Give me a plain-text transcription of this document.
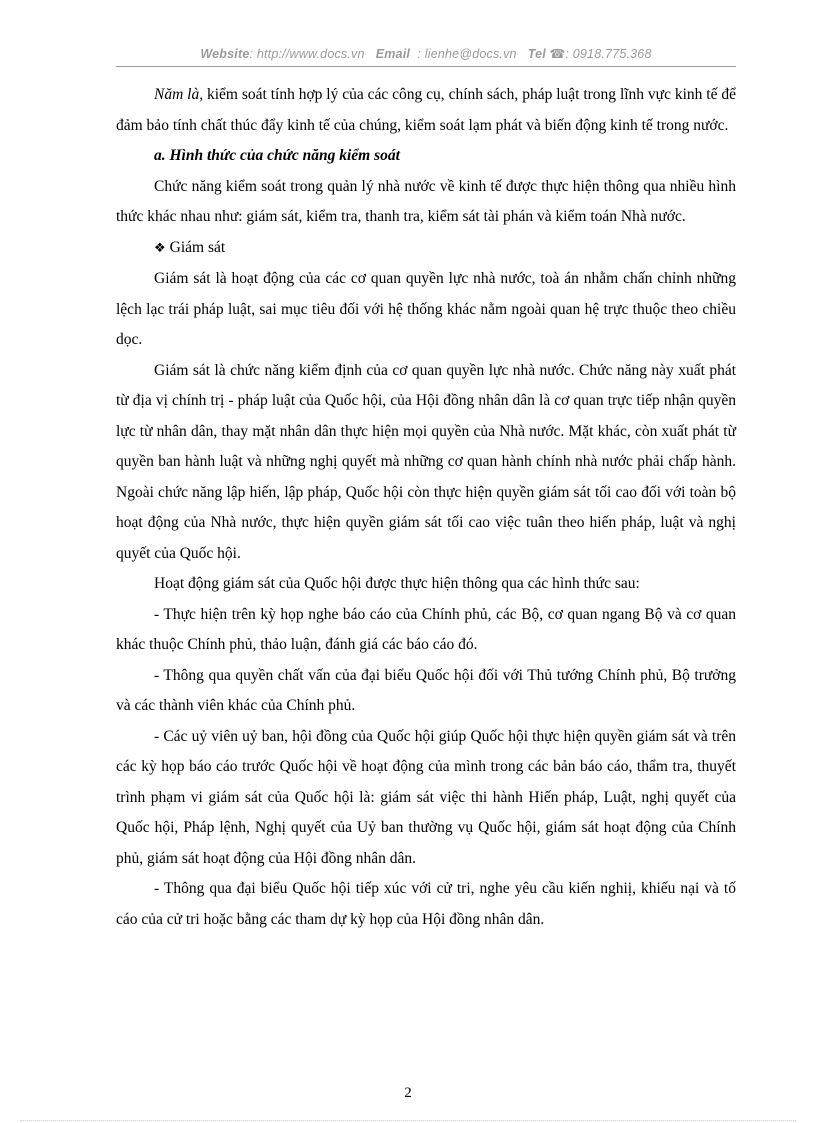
Website: http://www.docs.vn Email : lienhe@docs.vn Tel ☎: 0918.775.368

Năm là, kiểm soát tính hợp lý của các công cụ, chính sách, pháp luật trong lĩnh vực kinh tế để đảm bảo tính chất thúc đẩy kinh tế của chúng, kiểm soát lạm phát và biến động kinh tế trong nước.

a. Hình thức của chức năng kiểm soát

Chức năng kiểm soát trong quản lý nhà nước về kinh tế được thực hiện thông qua nhiều hình thức khác nhau như: giám sát, kiểm tra, thanh tra, kiểm sát tài phán và kiểm toán Nhà nước.

❖ Giám sát

Giám sát là hoạt động của các cơ quan quyền lực nhà nước, toà án nhằm chấn chỉnh những lệch lạc trái pháp luật, sai mục tiêu đối với hệ thống khác nằm ngoài quan hệ trực thuộc theo chiều dọc.

Giám sát là chức năng kiểm định của cơ quan quyền lực nhà nước. Chức năng này xuất phát từ địa vị chính trị - pháp luật của Quốc hội, của Hội đồng nhân dân là cơ quan trực tiếp nhận quyền lực từ nhân dân, thay mặt nhân dân thực hiện mọi quyền của Nhà nước. Mặt khác, còn xuất phát từ quyền ban hành luật và những nghị quyết mà những cơ quan hành chính nhà nước phải chấp hành. Ngoài chức năng lập hiến, lập pháp, Quốc hội còn thực hiện quyền giám sát tối cao đối với toàn bộ hoạt động của Nhà nước, thực hiện quyền giám sát tối cao việc tuân theo hiến pháp, luật và nghị quyết của Quốc hội.

Hoạt động giám sát của Quốc hội được thực hiện thông qua các hình thức sau:

- Thực hiện trên kỳ họp nghe báo cáo của Chính phủ, các Bộ, cơ quan ngang Bộ và cơ quan khác thuộc Chính phủ, thảo luận, đánh giá các báo cáo đó.

- Thông qua quyền chất vấn của đại biểu Quốc hội đối với Thủ tướng Chính phủ, Bộ trưởng và các thành viên khác của Chính phủ.

- Các uỷ viên uỷ ban, hội đồng của Quốc hội giúp Quốc hội thực hiện quyền giám sát và trên các kỳ họp báo cáo trước Quốc hội về hoạt động của mình trong các bản báo cáo, thẩm tra, thuyết trình phạm vi giám sát của Quốc hội là: giám sát việc thi hành Hiến pháp, Luật, nghị quyết của Quốc hội, Pháp lệnh, Nghị quyết của Uỷ ban thường vụ Quốc hội, giám sát hoạt động của Chính phủ, giám sát hoạt động của Hội đồng nhân dân.

- Thông qua đại biểu Quốc hội tiếp xúc với cử tri, nghe yêu cầu kiến nghiị, khiếu nại và tố cáo của cử tri hoặc bằng các tham dự kỳ họp của Hội đồng nhân dân.

2
